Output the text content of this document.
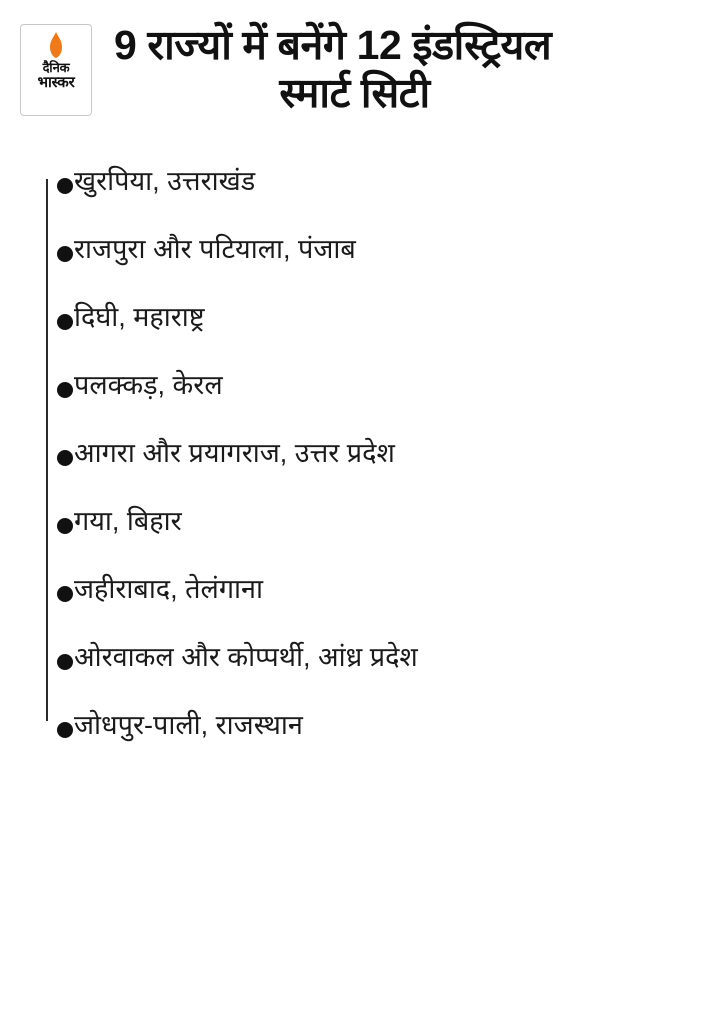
दैनिक
भास्कर
9 राज्यों में बनेंगे 12 इंडस्ट्रियल
स्मार्ट सिटी
खुरपिया, उत्तराखंड
राजपुरा और पटियाला, पंजाब
दिघी, महाराष्ट्र
पलक्कड़, केरल
आगरा और प्रयागराज, उत्तर प्रदेश
गया, बिहार
जहीराबाद, तेलंगाना
ओरवाकल और कोप्पर्थी, आंध्र प्रदेश
जोधपुर-पाली, राजस्थान
